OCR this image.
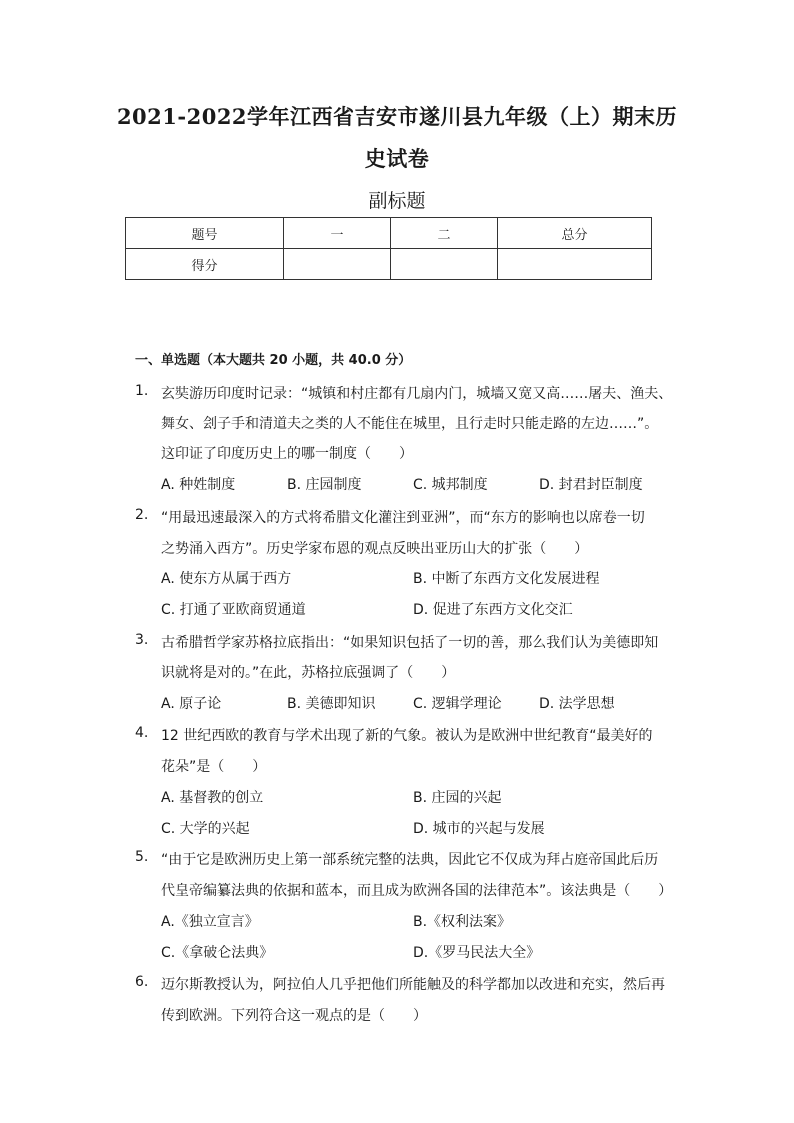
2021-2022学年江西省吉安市遂川县九年级（上）期末历
史试卷
副标题
题号	一	二	总分
得分			
一、单选题（本大题共 20 小题，共 40.0 分）
1. 玄奘游历印度时记录：“城镇和村庄都有几扇内门，城墙又宽又高……屠夫、渔夫、
舞女、刽子手和清道夫之类的人不能住在城里，且行走时只能走路的左边……”。
这印证了印度历史上的哪一制度（　　）
A. 种姓制度	B. 庄园制度	C. 城邦制度	D. 封君封臣制度
2. “用最迅速最深入的方式将希腊文化灌注到亚洲”，而“东方的影响也以席卷一切
之势涌入西方”。历史学家布恩的观点反映出亚历山大的扩张（　　）
A. 使东方从属于西方	B. 中断了东西方文化发展进程
C. 打通了亚欧商贸通道	D. 促进了东西方文化交汇
3. 古希腊哲学家苏格拉底指出：“如果知识包括了一切的善，那么我们认为美德即知
识就将是对的。”在此，苏格拉底强调了（　　）
A. 原子论	B. 美德即知识	C. 逻辑学理论	D. 法学思想
4. 12 世纪西欧的教育与学术出现了新的气象。被认为是欧洲中世纪教育“最美好的
花朵”是（　　）
A. 基督教的创立	B. 庄园的兴起
C. 大学的兴起	D. 城市的兴起与发展
5. “由于它是欧洲历史上第一部系统完整的法典，因此它不仅成为拜占庭帝国此后历
代皇帝编纂法典的依据和蓝本，而且成为欧洲各国的法律范本”。该法典是（　　）
A.《独立宣言》	B.《权利法案》
C.《拿破仑法典》	D.《罗马民法大全》
6. 迈尔斯教授认为，阿拉伯人几乎把他们所能触及的科学都加以改进和充实，然后再
传到欧洲。下列符合这一观点的是（　　）
